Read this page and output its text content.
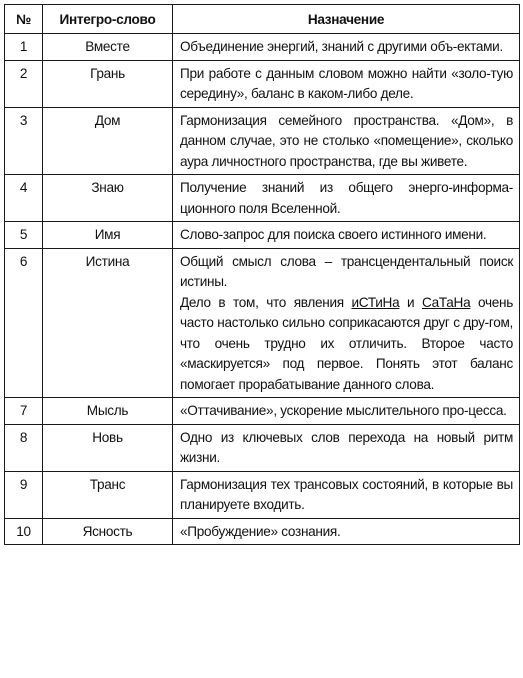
№	Интегро-слово	Назначение
1	Вместе	Объединение энергий, знаний с другими объ-ектами.

2	Грань	При работе с данным словом можно найти «золо-тую середину», баланс в каком-либо деле.

3	Дом	Гармонизация семейного пространства. «Дом», в данном случае, это не столько «помещение», сколько аура личностного пространства, где вы живете.

4	Знаю	Получение знаний из общего энерго-информа-ционного поля Вселенной.

5	Имя	Слово-запрос для поиска своего истинного имени.

6	Истина	Общий смысл слова – трансцендентальный поиск истины.

Дело в том, что явления иСТиНа и СаТаНа очень часто настолько сильно соприкасаются друг с дру-гом, что очень трудно их отличить. Второе часто «маскируется» под первое. Понять этот баланс помогает прорабатывание данного слова.

7	Мысль	«Оттачивание», ускорение мыслительного про-цесса.

8	Новь	Одно из ключевых слов перехода на новый ритм жизни.

9	Транс	Гармонизация тех трансовых состояний, в которые вы планируете входить.

10	Ясность	«Пробуждение» сознания.
